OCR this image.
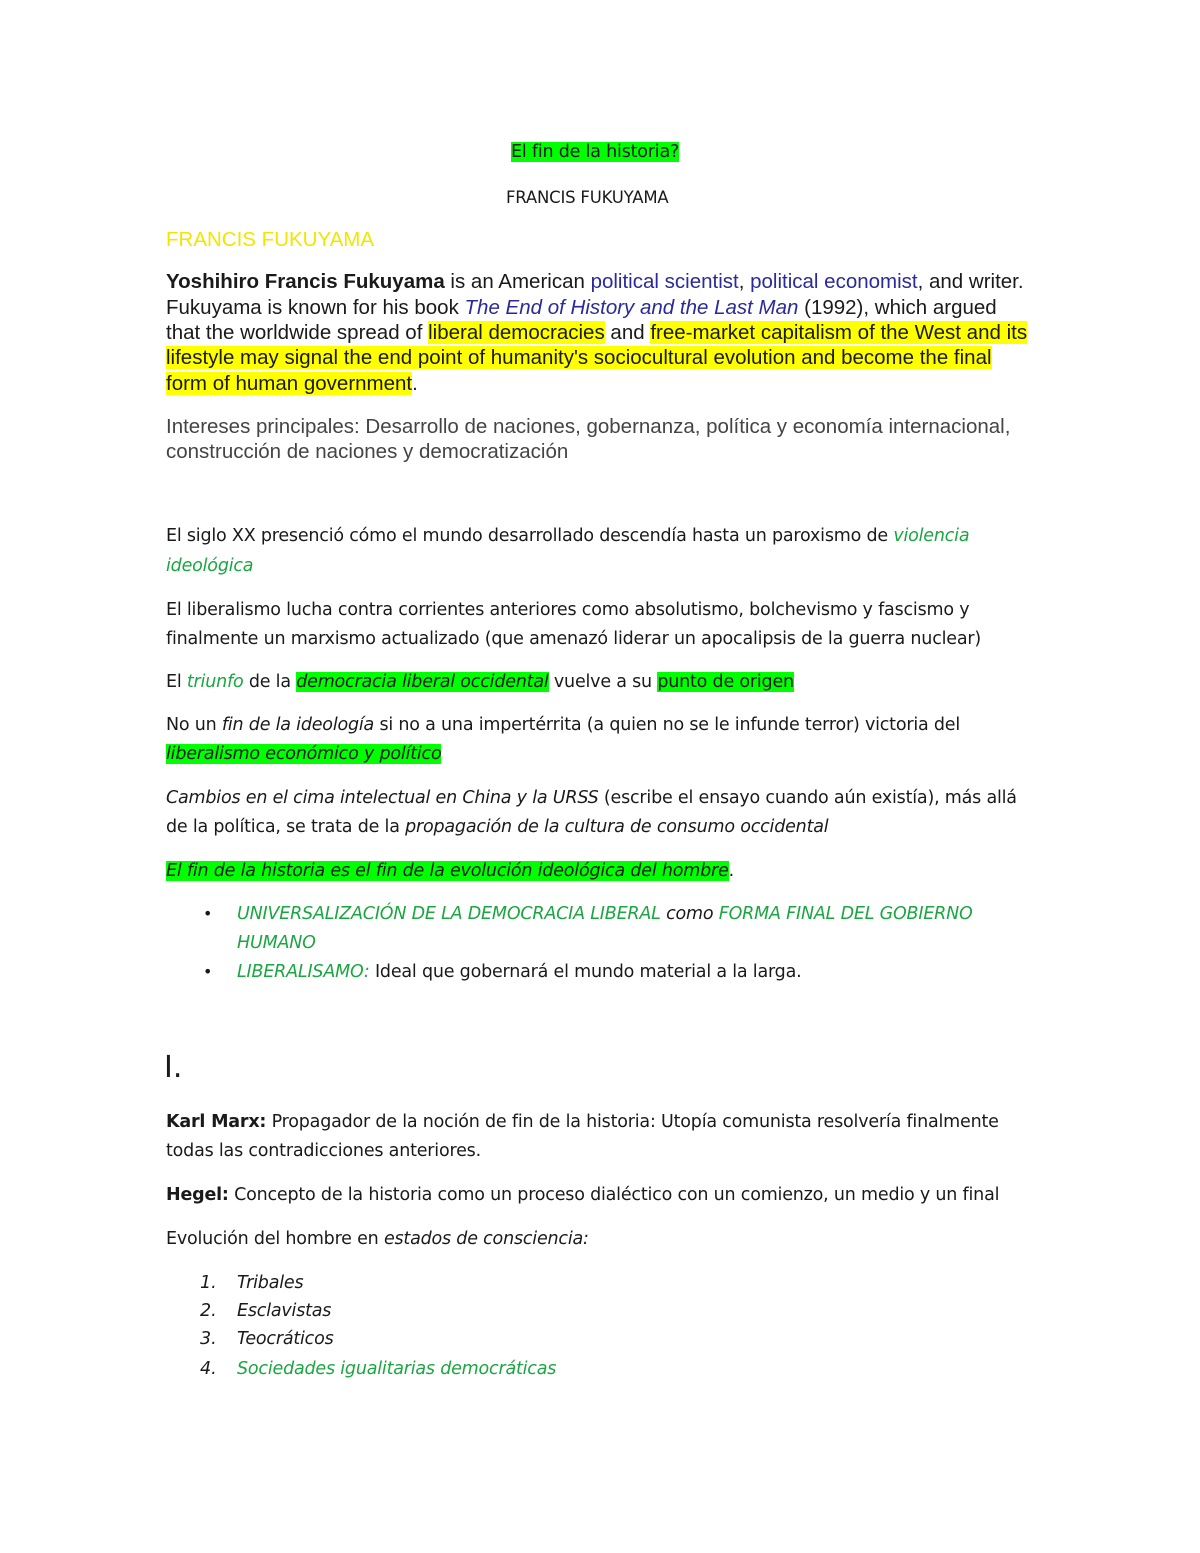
El fin de la historia?
FRANCIS FUKUYAMA
FRANCIS FUKUYAMA
Yoshihiro Francis Fukuyama is an American political scientist, political economist, and writer.
Fukuyama is known for his book The End of History and the Last Man (1992), which argued
that the worldwide spread of liberal democracies and free-market capitalism of the West and its
lifestyle may signal the end point of humanity's sociocultural evolution and become the final
form of human government.
Intereses principales: Desarrollo de naciones, gobernanza, política y economía internacional,
construcción de naciones y democratización
El siglo XX presenció cómo el mundo desarrollado descendía hasta un paroxismo de violencia
ideológica
El liberalismo lucha contra corrientes anteriores como absolutismo, bolchevismo y fascismo y
finalmente un marxismo actualizado (que amenazó liderar un apocalipsis de la guerra nuclear)
El triunfo de la democracia liberal occidental vuelve a su punto de origen
No un fin de la ideología si no a una impertérrita (a quien no se le infunde terror) victoria del
liberalismo económico y político
Cambios en el cima intelectual en China y la URSS (escribe el ensayo cuando aún existía), más allá
de la política, se trata de la propagación de la cultura de consumo occidental
El fin de la historia es el fin de la evolución ideológica del hombre.
• UNIVERSALIZACIÓN DE LA DEMOCRACIA LIBERAL como FORMA FINAL DEL GOBIERNO
HUMANO
• LIBERALISAMO: Ideal que gobernará el mundo material a la larga.
I.
Karl Marx: Propagador de la noción de fin de la historia: Utopía comunista resolvería finalmente
todas las contradicciones anteriores.
Hegel: Concepto de la historia como un proceso dialéctico con un comienzo, un medio y un final
Evolución del hombre en estados de consciencia:
1. Tribales
2. Esclavistas
3. Teocráticos
4. Sociedades igualitarias democráticas
